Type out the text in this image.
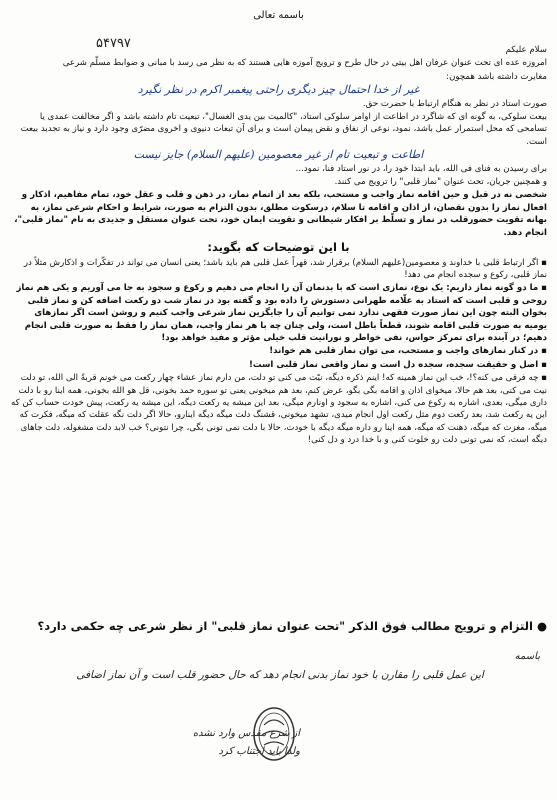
باسمه تعالی
۵۴۷۹۷	سلام علیکم

امروزه عده ای تحت عنوان عرفان اهل بیتی در حال طرح و ترویج آموزه هایی هستند که به نظر می رسد با مبانی و ضوابط مسلّم شرعی

مغایرت داشته باشد همچون:

غیر از خدا احتمال چیز دیگری راحتی پیغمبر اکرم در نظر نگیرد

صورت استاد در نظر به هنگام ارتباط با حضرت حق.

بیعت سلوکی، به گونه ای که شاگرد در اطاعت از اوامر سلوکی استاد، "کالمیت بین یدی الغسال"، تبعیت تام داشته باشد و اگر مخالفت عمدی یا تسامحی که محل استمرار عمل باشد، نمود، نوعی از نفاق و نقض پیمان است و برای آن تبعات دنیوی و اخروی مضرّی وجود دارد و نیاز به تجدید بیعت است.

اطاعت و تبعیت تام از غیر معصومین (علیهم السلام) جایز نیست

برای رسیدن به فنای فی الله، باید ابتدا خود را، در نور استاد فنا، نمود...

و همچنین جریان، تحت عنوان "نماز قلبی" را ترویج می کنند.

شخصی نه در قبل و حین اقامه نماز واجب و مستحب، بلکه بعد از اتمام نماز، در ذهن و قلب و عقل خود، تمام مفاهیم، اذکار و افعال نماز را بدون نقصان، از اذان و اقامه تا سلام، درسکوت مطلق، بدون التزام به صورت، شرایط و احکام شرعی نماز، به بهانه تقویت حضورقلب در نماز و تسلّط بر افکار شیطانی و تقویت ایمان خود، تحت عنوان مستقل و جدیدی به نام "نماز قلبی"، انجام دهد.

با این توضیحات که بگوید:

▪ اگر ارتباط قلبی با خداوند و معصومین(علیهم السلام) برقرار شد، قهراً عمل قلبی هم باید باشد؛ یعنی انسان می تواند در تفکّرات و اذکارش مثلاً در نماز قلبی، رکوع و سجده انجام می دهد!

▪ ما دو گونه نماز داریم: یک نوع، نمازی است که با بدنمان آن را انجام می دهیم و رکوع و سجود به جا می آوریم و یکی هم نماز روحی و قلبی است که استاد به علّامه طهرانی دستورش را داده بود و گفته بود در نماز شب دو رکعت اضافه کن و نماز قلبی بخوان البته چون این نماز صورت فقهی ندارد نمی توانیم آن را جایگزین نماز شرعی واجب کنیم و روشن است اگر نمازهای یومیه به صورت قلبی اقامه شوند، قطعاً باطل است، ولی چنان چه با هر نماز واجب، همان نماز را فقط به صورت قلبی انجام دهیم؛ در آینده برای تمرکز حواس، نفی خواطر و نورانیت قلب خیلی مؤثر و مفید خواهد بود!

▪ در کنار نمازهای واجب و مستحب، می توان نماز قلبی هم خواند!

▪ اصل و حقیقت سجده، سجده دل است و نماز واقعی نماز قلبی است!

▪ چه فرقی می کنه؟!، خب این نماز همینه که! اینم ذکره دیگه، نیّت می کنی تو دلت، من دارم نماز عشاء چهار رکعت می خونم قربةً الی الله، تو دلت نیت می کنی، بعد هم حالا، میخوای اذان و اقامه بگی بگو، عرض کنم، بعد هم میخونی یعنی تو سوره حمد بخونی، قل هو الله بخونی، همه اینا رو با دلت داری میگی، بعدی، اشاره به رکوع می کنی، اشاره به سجود و اونارم میگی، بعد این میشه یه رکعت دیگه، این میشه یه رکعت، پیش خودت حساب کن که این یه رکعت شد، بعد رکعت دوم مثل رکعت اول انجام میدی، تشهد میخونی، قشنگ دلت میگه دیگه اینارو، حالا اگر دلت نگه عقلت که میگه، فکرت که میگه، مغزت که میگه، ذهنت که میگه، همه اینا رو داره میگه دیگه با خودت، حالا با دلت نمی تونی بگی، چرا نتونی؟ خب لابد دلت مشغوله، دلت جاهای دیگه است، که نمی تونی دلت رو خلوت کنی و با خدا درد و دل کنی!

● التزام و ترویج مطالب فوق الذکر "تحت عنوان نماز قلبی" از نظر شرعی چه حکمی دارد؟
باسمه
این عمل قلبی را مقارن با خود نماز بدنی انجام دهد که حال حضور قلب است و آن نماز اضافی
از شرع مقدس وارد نشده
ولذا باید اجتناب کرد
